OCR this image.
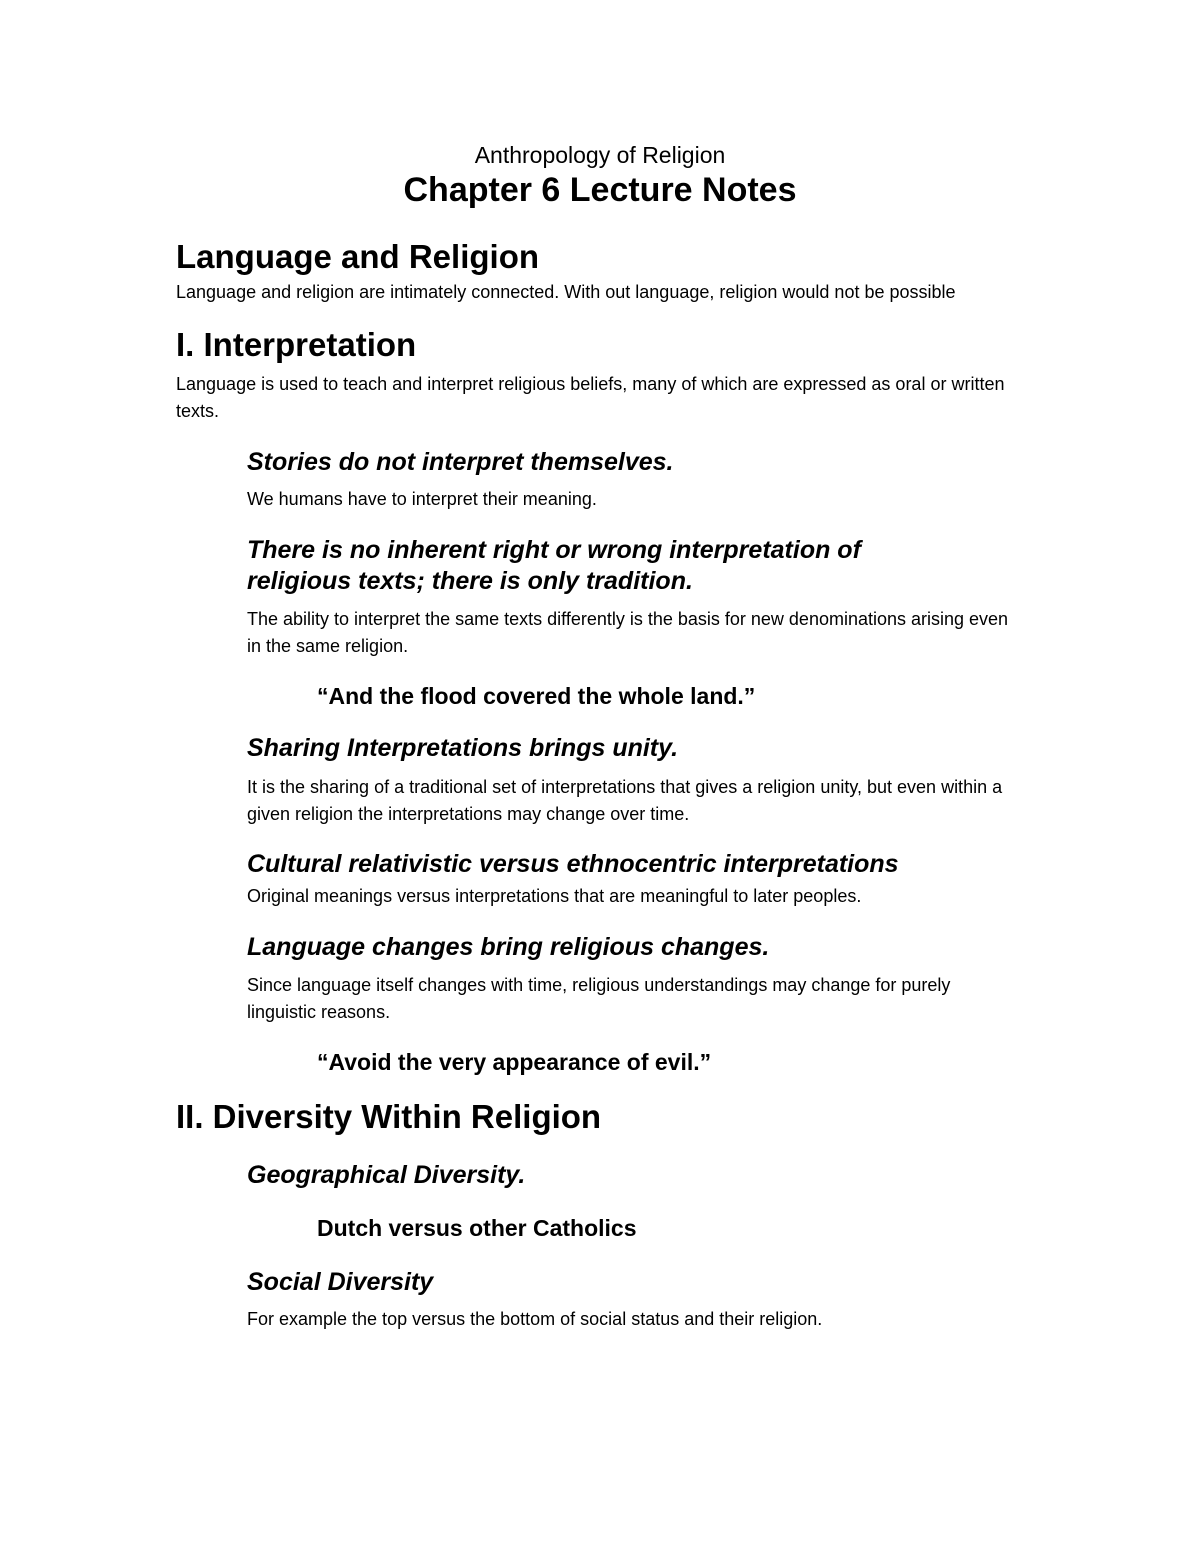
Anthropology of Religion

Chapter 6 Lecture Notes
Language and Religion

Language and religion are intimately connected. With out language, religion would not be possible

I. Interpretation

Language is used to teach and interpret religious beliefs, many of which are expressed as oral or written texts.

Stories do not interpret themselves.

We humans have to interpret their meaning.

There is no inherent right or wrong interpretation of religious texts; there is only tradition.

The ability to interpret the same texts differently is the basis for new denominations arising even in the same religion.

“And the flood covered the whole land.”

Sharing Interpretations brings unity.

It is the sharing of a traditional set of interpretations that gives a religion unity, but even within a given religion the interpretations may change over time.

Cultural relativistic versus ethnocentric interpretations

Original meanings versus interpretations that are meaningful to later peoples.

Language changes bring religious changes.

Since language itself changes with time, religious understandings may change for purely linguistic reasons.

“Avoid the very appearance of evil.”

II. Diversity Within Religion
Geographical Diversity.

Dutch versus other Catholics

Social Diversity

For example the top versus the bottom of social status and their religion.
